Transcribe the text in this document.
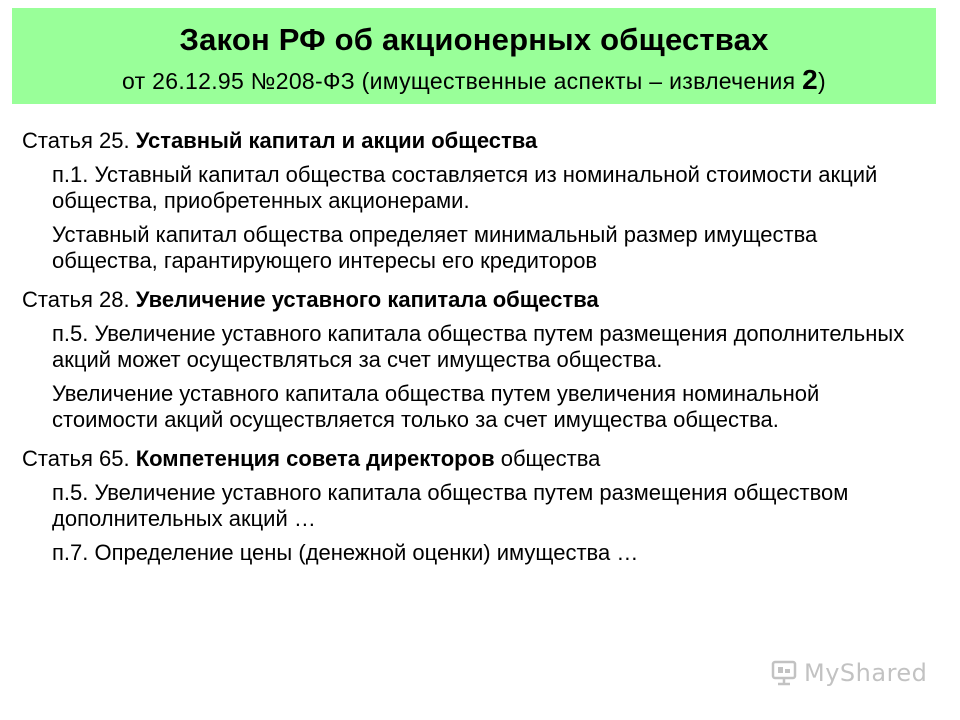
Закон РФ об акционерных обществах
от 26.12.95 №208-ФЗ (имущественные аспекты – извлечения 2)

Статья 25. Уставный капитал и акции общества

п.1. Уставный капитал общества составляется из номинальной стоимости акций общества, приобретенных акционерами.

Уставный капитал общества определяет минимальный размер имущества общества, гарантирующего интересы его кредиторов

Статья 28. Увеличение уставного капитала общества

п.5. Увеличение уставного капитала общества путем размещения дополнительных акций может осуществляться за счет имущества общества.

Увеличение уставного капитала общества путем увеличения номинальной стоимости акций осуществляется только за счет имущества общества.

Статья 65. Компетенция совета директоров общества

п.5. Увеличение уставного капитала общества путем размещения обществом дополнительных акций …

п.7. Определение цены (денежной оценки) имущества …

MyShared
